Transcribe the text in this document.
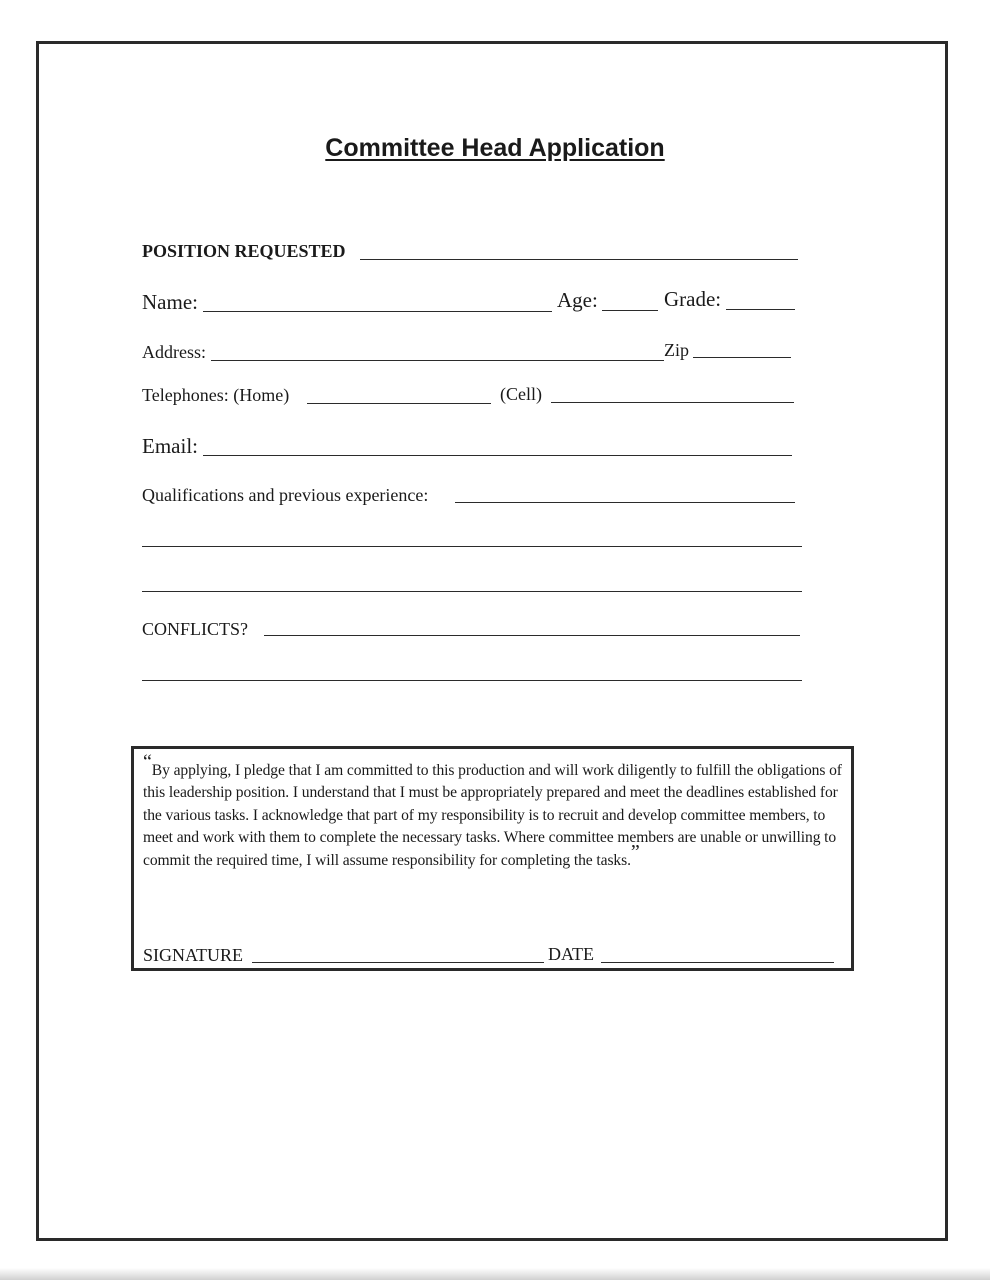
Committee Head Application
POSITION REQUESTED
Name:	Age:	Grade:
Address:	Zip
Telephones: (Home)	(Cell)
Email:
Qualifications and previous experience:
CONFLICTS?
“By applying, I pledge that I am committed to this production and will work diligently to fulfill the obligations of this leadership position. I understand that I must be appropriately prepared and meet the deadlines established for the various tasks. I acknowledge that part of my responsibility is to recruit and develop committee members, to meet and work with them to complete the necessary tasks. Where committee members are unable or unwilling to commit the required time, I will assume responsibility for completing the tasks.”
SIGNATURE	DATE
